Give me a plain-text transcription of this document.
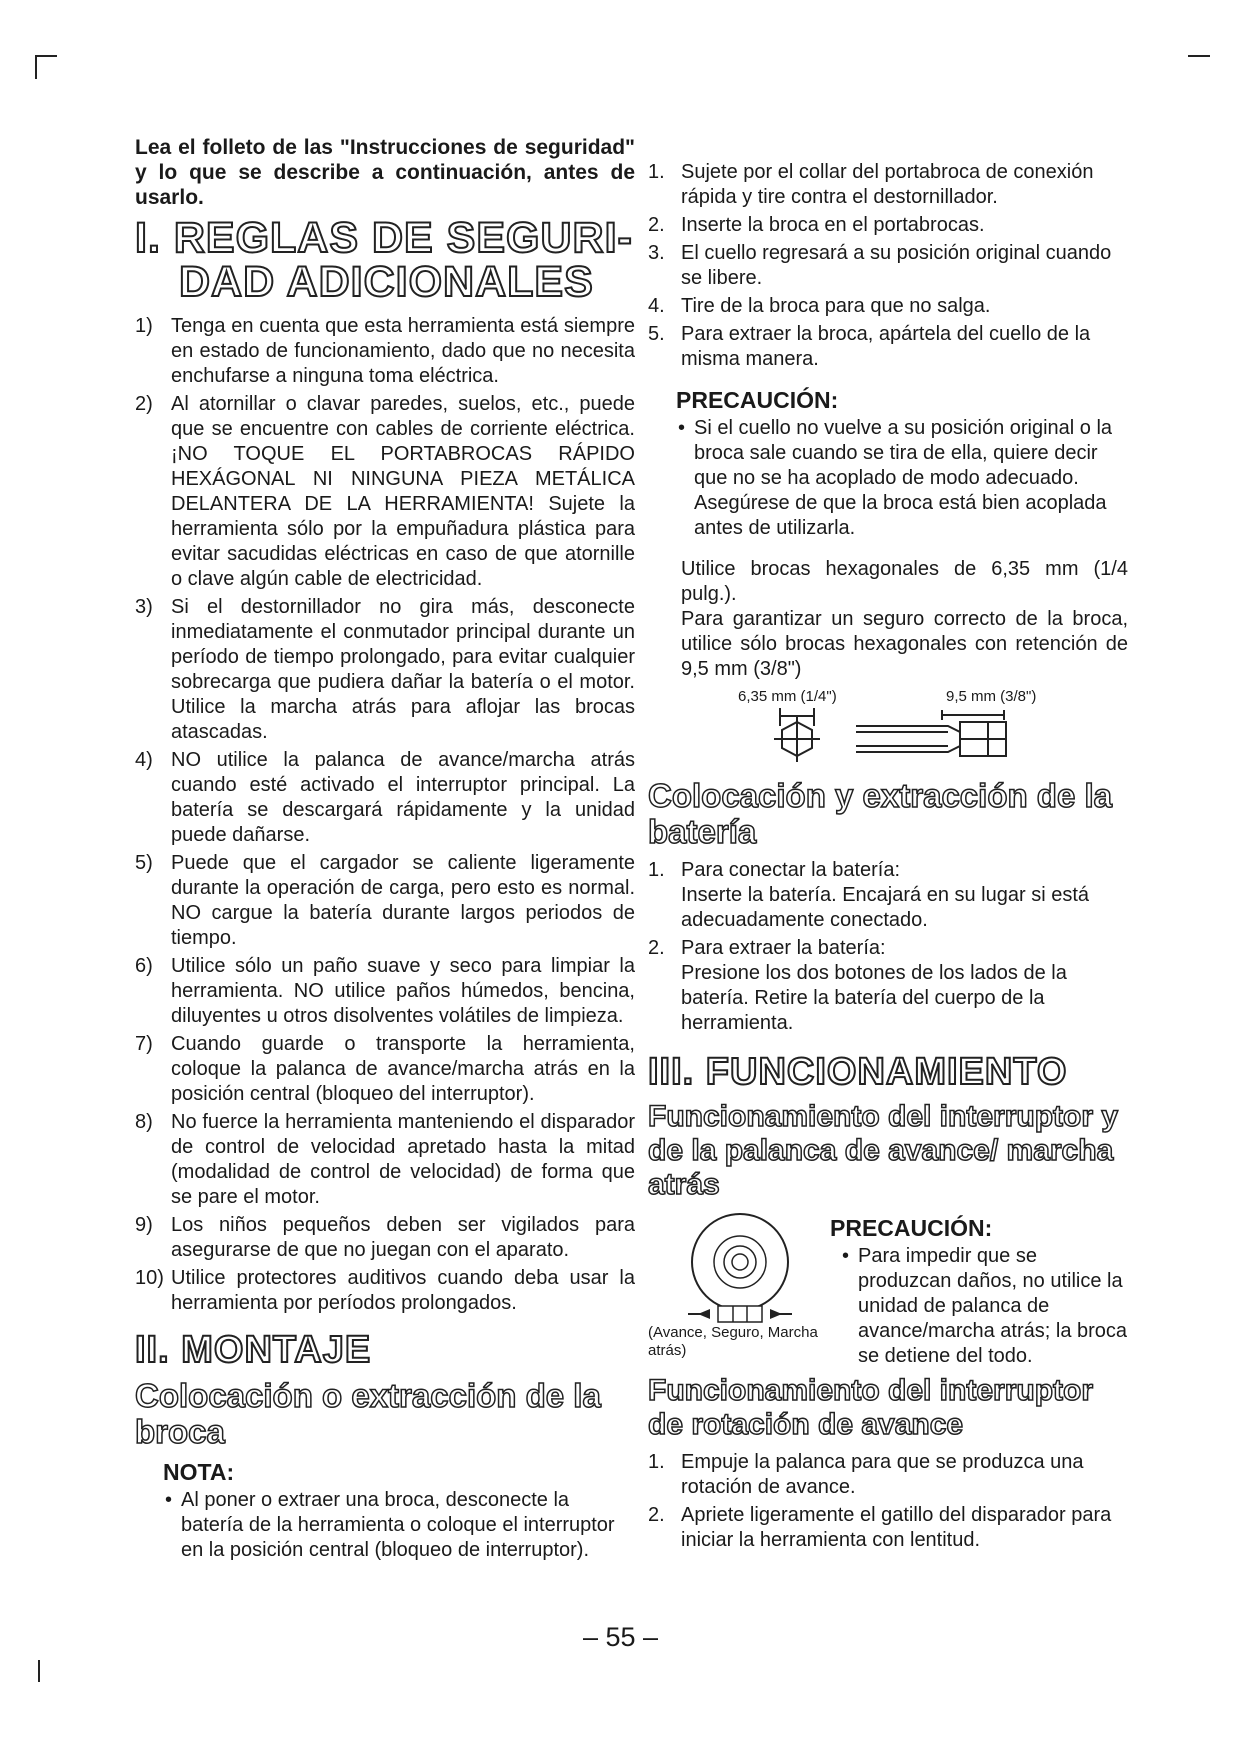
Lea el folleto de las "Instrucciones de seguridad" y lo que se describe a continuación, antes de usarlo.

I. REGLAS DE SEGURI-
DAD ADICIONALES
1) Tenga en cuenta que esta herramienta está siempre en estado de funcionamiento, dado que no necesita enchufarse a ninguna toma eléctrica.
2) Al atornillar o clavar paredes, suelos, etc., puede que se encuentre con cables de corriente eléctrica. ¡NO TOQUE EL PORTABROCAS RÁPIDO HEXÁGONAL NI NINGUNA PIEZA METÁLICA DELANTERA DE LA HERRAMIENTA! Sujete la herramienta sólo por la empuñadura plástica para evitar sacudidas eléctricas en caso de que atornille o clave algún cable de electricidad.
3) Si el destornillador no gira más, desconecte inmediatamente el conmutador principal durante un período de tiempo prolongado, para evitar cualquier sobrecarga que pudiera dañar la batería o el motor. Utilice la marcha atrás para aflojar las brocas atascadas.
4) NO utilice la palanca de avance/marcha atrás cuando esté activado el interruptor principal. La batería se descargará rápidamente y la unidad puede dañarse.
5) Puede que el cargador se caliente ligeramente durante la operación de carga, pero esto es normal. NO cargue la batería durante largos periodos de tiempo.
6) Utilice sólo un paño suave y seco para limpiar la herramienta. NO utilice paños húmedos, bencina, diluyentes u otros disolventes volátiles de limpieza.
7) Cuando guarde o transporte la herramienta, coloque la palanca de avance/marcha atrás en la posición central (bloqueo del interruptor).
8) No fuerce la herramienta manteniendo el disparador de control de velocidad apretado hasta la mitad (modalidad de control de velocidad) de forma que se pare el motor.
9) Los niños pequeños deben ser vigilados para asegurarse de que no juegan con el aparato.
10) Utilice protectores auditivos cuando deba usar la herramienta por períodos prolongados.
II. MONTAJE
Colocación o extracción de la broca
NOTA:
• Al poner o extraer una broca, desconecte la batería de la herramienta o coloque el interruptor en la posición central (bloqueo de interruptor).
1. Sujete por el collar del portabroca de conexión rápida y tire contra el destornillador.
2. Inserte la broca en el portabrocas.
3. El cuello regresará a su posición original cuando se libere.
4. Tire de la broca para que no salga.
5. Para extraer la broca, apártela del cuello de la misma manera.
PRECAUCIÓN:
• Si el cuello no vuelve a su posición original o la broca sale cuando se tira de ella, quiere decir que no se ha acoplado de modo adecuado. Asegúrese de que la broca está bien acoplada antes de utilizarla.

Utilice brocas hexagonales de 6,35 mm (1/4 pulg.).

Para garantizar un seguro correcto de la broca, utilice sólo brocas hexagonales con retención de 9,5 mm (3/8")

6,35 mm (1/4")	9,5 mm (3/8")
Colocación y extracción de la batería
1. Para conectar la batería:
Inserte la batería. Encajará en su lugar si está adecuadamente conectado.
2. Para extraer la batería:
Presione los dos botones de los lados de la batería. Retire la batería del cuerpo de la herramienta.
III. FUNCIONAMIENTO
Funcionamiento del interruptor y de la palanca de avance/ marcha atrás
(Avance, Seguro, Marcha atrás)
PRECAUCIÓN:
• Para impedir que se produzcan daños, no utilice la unidad de palanca de avance/marcha atrás; la broca se detiene del todo.
Funcionamiento del interruptor de rotación de avance
1. Empuje la palanca para que se produzca una rotación de avance.
2. Apriete ligeramente el gatillo del disparador para iniciar la herramienta con lentitud.
– 55 –
